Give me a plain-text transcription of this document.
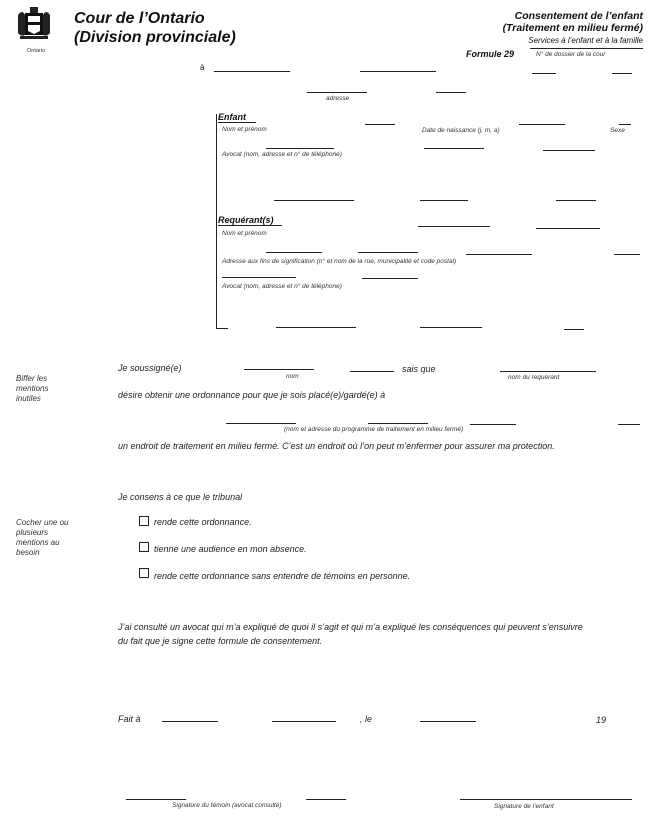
Ontario
Cour de l’Ontario
(Division provinciale)
Consentement de l’enfant
(Traitement en milieu fermé)
Services à l’enfant et à la famille
Formule 29	N° de dossier de la cour
à
adresse
Enfant
Nom et prénom	Date de naissance (j, m, a)	Sexe
Avocat (nom, adresse et n° de téléphone)
Requérant(s)
Nom et prénom
Adresse aux fins de signification (n° et nom de la rue, municipalité et code postal)
Avocat (nom, adresse et n° de téléphone)
Biffer les mentions inutiles
Je soussigné(e)
nom
sais que
nom du requérant
désire obtenir une ordonnance pour que je sois placé(e)/gardé(e) à
(nom et adresse du programme de traitement en milieu fermé)
un endroit de traitement en milieu fermé. C’est un endroit où l’on peut m’enfermer pour assurer ma protection.
Je consens à ce que le tribunal
Cocher une ou plusieurs mentions au besoin
rende cette ordonnance.
tienne une audience en mon absence.
rende cette ordonnance sans entendre de témoins en personne.
J’ai consulté un avocat qui m’a expliqué de quoi il s’agit et qui m’a expliqué les conséquences qui peuvent s’ensuivre
du fait que je signe cette formule de consentement.
Fait à	, le	19
Signature du témoin (avocat consulté)	Signature de l’enfant
